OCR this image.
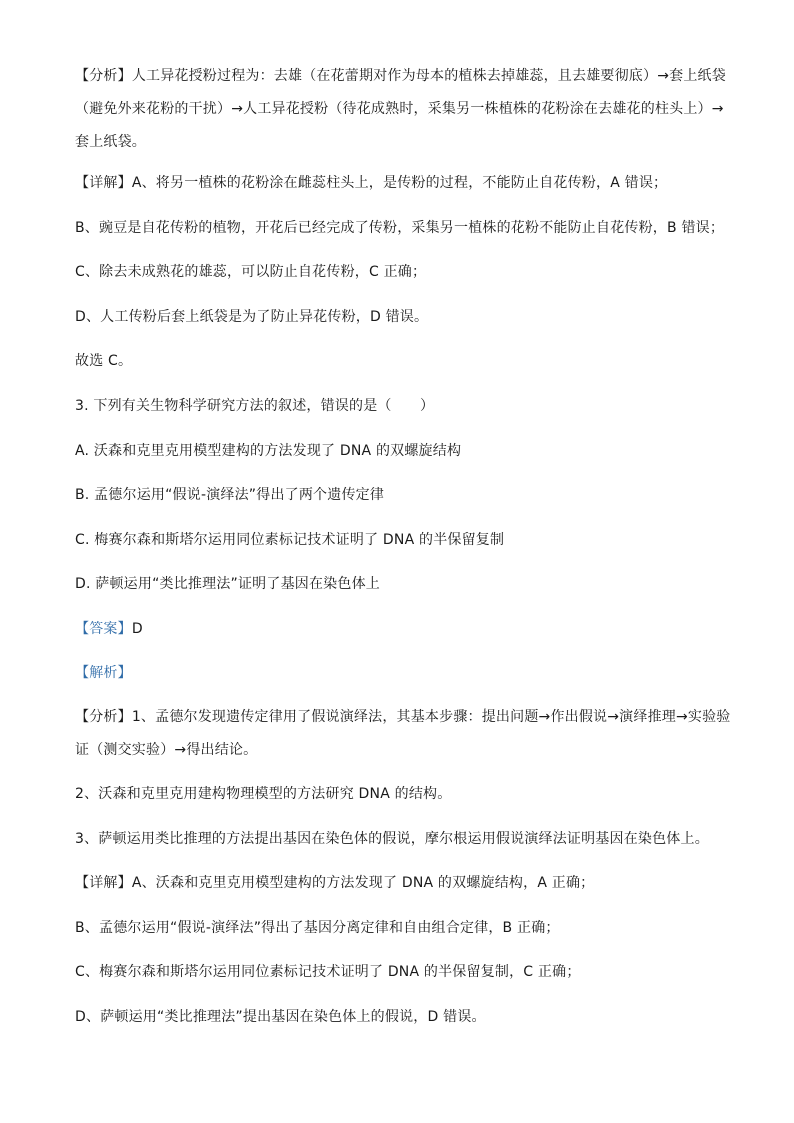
【分析】人工异花授粉过程为：去雄（在花蕾期对作为母本的植株去掉雄蕊，且去雄要彻底）→套上纸袋
（避免外来花粉的干扰）→人工异花授粉（待花成熟时，采集另一株植株的花粉涂在去雄花的柱头上）→
套上纸袋。
【详解】A、将另一植株的花粉涂在雌蕊柱头上，是传粉的过程，不能防止自花传粉，A 错误；
B、豌豆是自花传粉的植物，开花后已经完成了传粉，采集另一植株的花粉不能防止自花传粉，B 错误；
C、除去未成熟花的雄蕊，可以防止自花传粉，C 正确；
D、人工传粉后套上纸袋是为了防止异花传粉，D 错误。
故选 C。
3. 下列有关生物科学研究方法的叙述，错误的是（　　）
A. 沃森和克里克用模型建构的方法发现了 DNA 的双螺旋结构
B. 孟德尔运用“假说-演绎法”得出了两个遗传定律
C. 梅赛尔森和斯塔尔运用同位素标记技术证明了 DNA 的半保留复制
D. 萨顿运用“类比推理法”证明了基因在染色体上
【答案】D
【解析】
【分析】1、孟德尔发现遗传定律用了假说演绎法，其基本步骤：提出问题→作出假说→演绎推理→实验验
证（测交实验）→得出结论。
2、沃森和克里克用建构物理模型的方法研究 DNA 的结构。
3、萨顿运用类比推理的方法提出基因在染色体的假说，摩尔根运用假说演绎法证明基因在染色体上。
【详解】A、沃森和克里克用模型建构的方法发现了 DNA 的双螺旋结构，A 正确；
B、孟德尔运用“假说-演绎法”得出了基因分离定律和自由组合定律，B 正确；
C、梅赛尔森和斯塔尔运用同位素标记技术证明了 DNA 的半保留复制，C 正确；
D、萨顿运用“类比推理法”提出基因在染色体上的假说，D 错误。
